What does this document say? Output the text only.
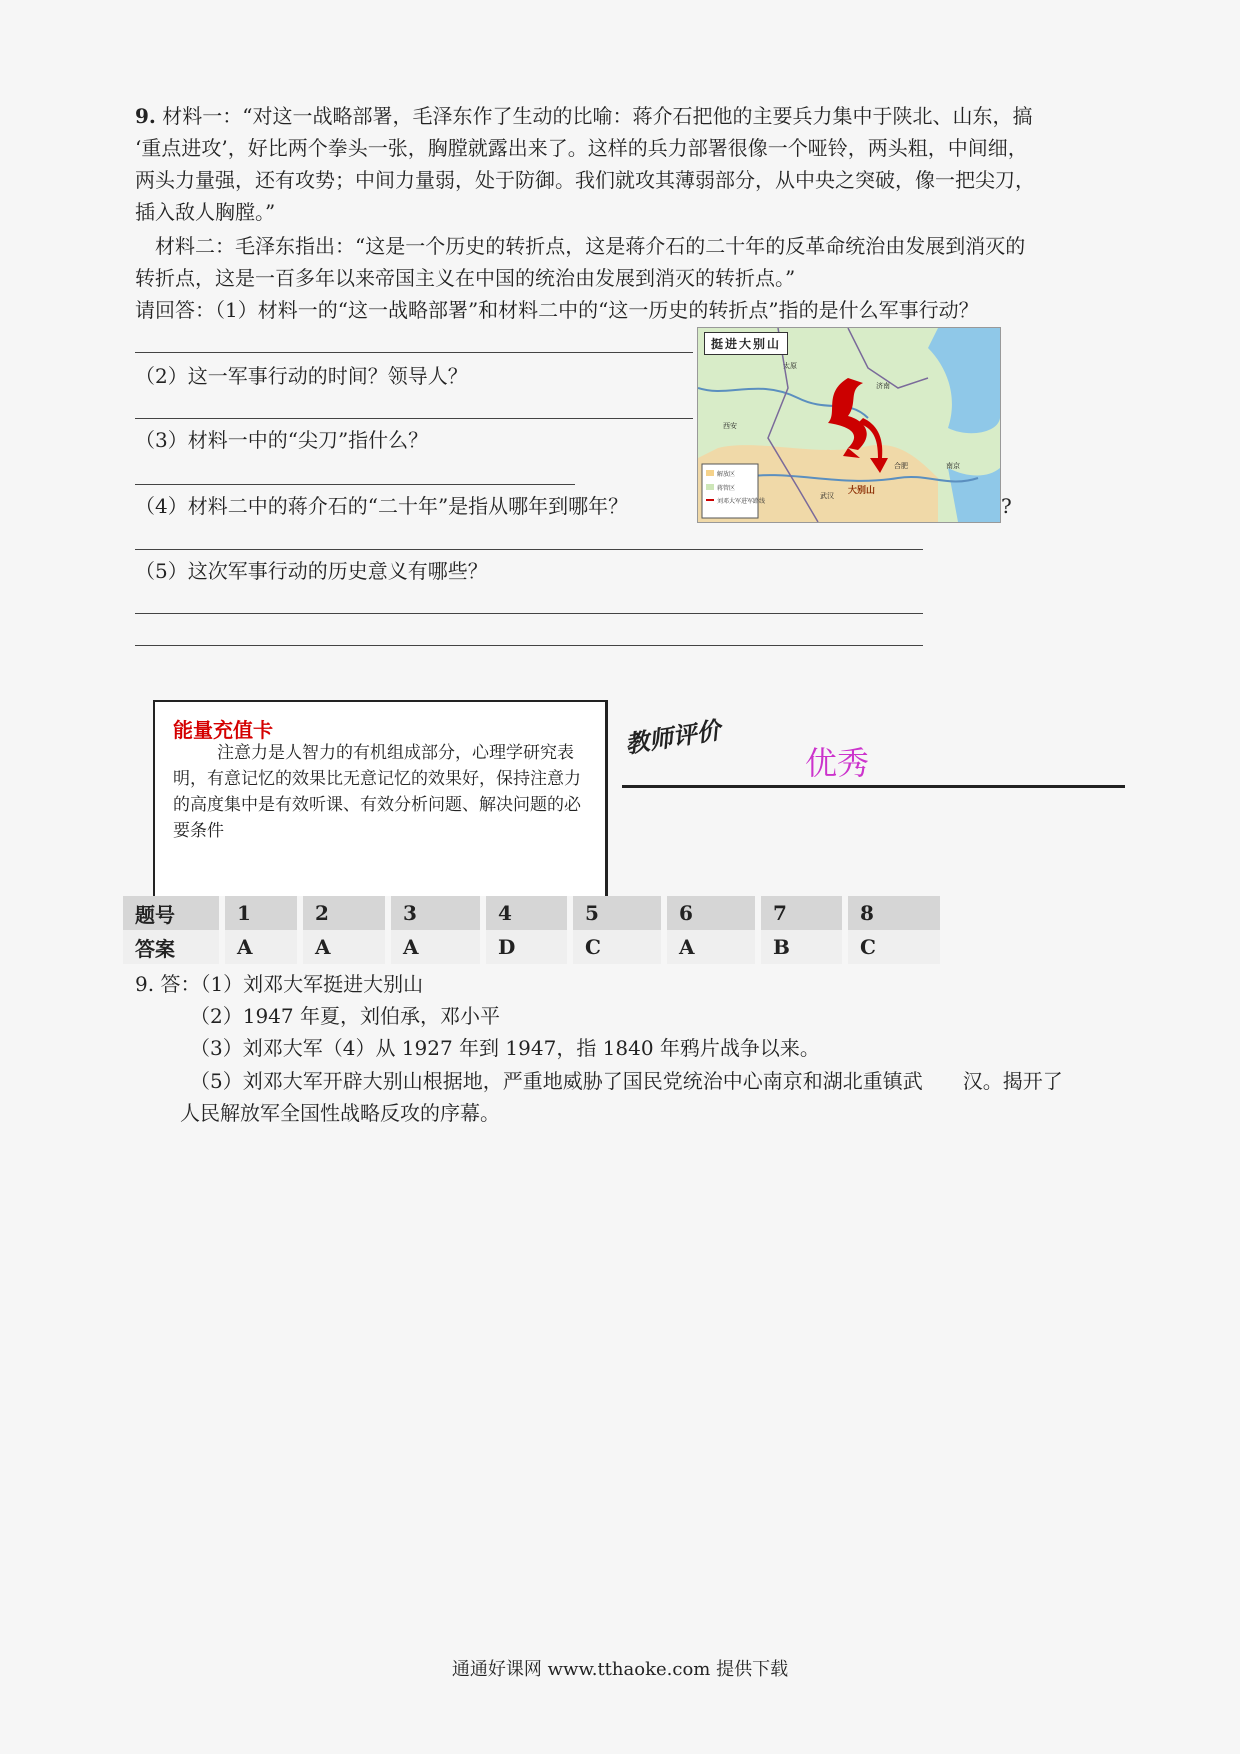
9. 材料一：“对这一战略部署，毛泽东作了生动的比喻：蒋介石把他的主要兵力集中于陕北、山东，搞
‘重点进攻’，好比两个拳头一张，胸膛就露出来了。这样的兵力部署很像一个哑铃，两头粗，中间细，
两头力量强，还有攻势；中间力量弱，处于防御。我们就攻其薄弱部分，从中央之突破，像一把尖刀，
插入敌人胸膛。”
材料二：毛泽东指出：“这是一个历史的转折点，这是蒋介石的二十年的反革命统治由发展到消灭的
转折点，这是一百多年以来帝国主义在中国的统治由发展到消灭的转折点。”
请回答：（1）材料一的“这一战略部署”和材料二中的“这一历史的转折点”指的是什么军事行动？
（2）这一军事行动的时间？领导人？
（3）材料一中的“尖刀”指什么？
（4）材料二中的蒋介石的“二十年”是指从哪年到哪年？	?
（5）这次军事行动的历史意义有哪些？
解放区
蒋管区
刘邓大军进军路线
济南
合肥	南京
武汉 大别山
西安
太原
挺进大别山
能量充值卡
注意力是人智力的有机组成部分，心理学研究表明，有意记忆的效果比无意记忆的效果好，保持注意力的高度集中是有效听课、有效分析问题、解决问题的必要条件
教师评价
优秀
题号		1		2		3		4		5		6		7		8
答案		A		A		A		D		C		A		B		C
9. 答：（1）刘邓大军挺进大别山
（2）1947 年夏，刘伯承，邓小平
（3）刘邓大军（4）从 1927 年到 1947，指 1840 年鸦片战争以来。
（5）刘邓大军开辟大别山根据地，严重地威胁了国民党统治中心南京和湖北重镇武　　汉。揭开了
人民解放军全国性战略反攻的序幕。
通通好课网 www.tthaoke.com 提供下载
